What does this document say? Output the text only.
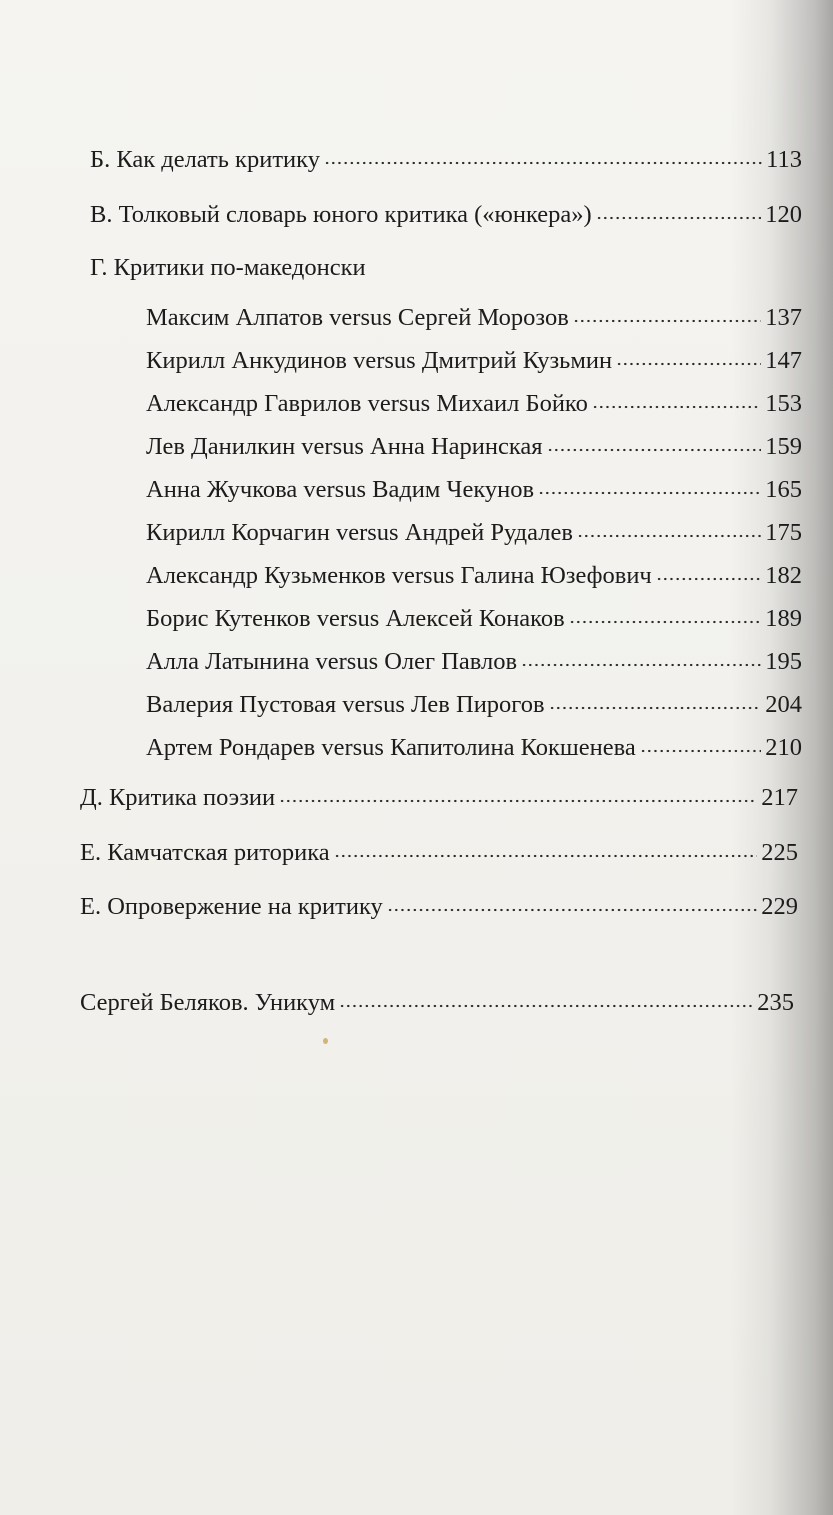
Б. Как делать критику	113
В. Толковый словарь юного критика («юнкера»)	120
Г. Критики по-македонски
Максим Алпатов versus Сергей Морозов	137
Кирилл Анкудинов versus Дмитрий Кузьмин	147
Александр Гаврилов versus Михаил Бойко	153
Лев Данилкин versus Анна Наринская	159
Анна Жучкова versus Вадим Чекунов	165
Кирилл Корчагин versus Андрей Рудалев	175
Александр Кузьменков versus Галина Юзефович	182
Борис Кутенков versus Алексей Конаков	189
Алла Латынина versus Олег Павлов	195
Валерия Пустовая versus Лев Пирогов	204
Артем Рондарев versus Капитолина Кокшенева	210
Д. Критика поэзии	217
Е. Камчатская риторика	225
Е. Опровержение на критику	229
Сергей Беляков. Уникум	235
